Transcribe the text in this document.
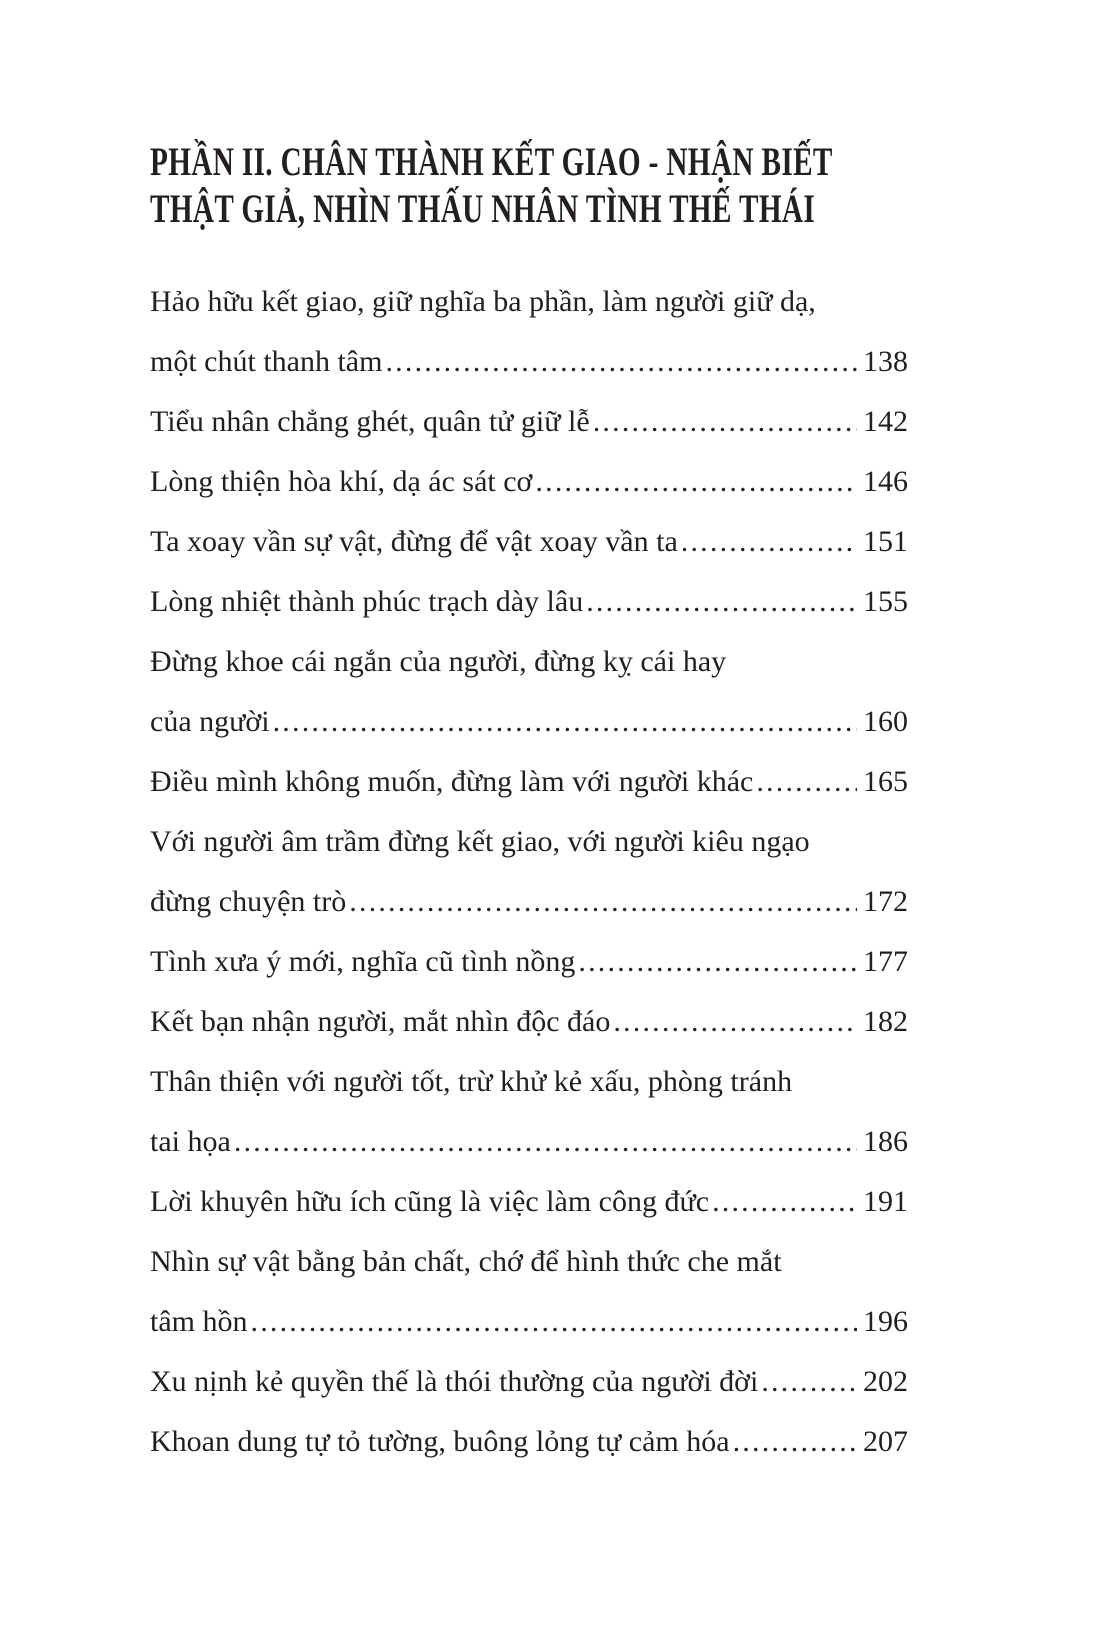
PHẦN II. CHÂN THÀNH KẾT GIAO - NHẬN BIẾT
THẬT GIẢ, NHÌN THẤU NHÂN TÌNH THẾ THÁI
Hảo hữu kết giao, giữ nghĩa ba phần, làm người giữ dạ,
một chút thanh tâm .....	138
Tiểu nhân chẳng ghét, quân tử giữ lễ .....	142
Lòng thiện hòa khí, dạ ác sát cơ .....	146
Ta xoay vần sự vật, đừng để vật xoay vần ta .....	151
Lòng nhiệt thành phúc trạch dày lâu .....	155
Đừng khoe cái ngắn của người, đừng kỵ cái hay
của người .....	160
Điều mình không muốn, đừng làm với người khác .....	165
Với người âm trầm đừng kết giao, với người kiêu ngạo
đừng chuyện trò .....	172
Tình xưa ý mới, nghĩa cũ tình nồng .....	177
Kết bạn nhận người, mắt nhìn độc đáo .....	182
Thân thiện với người tốt, trừ khử kẻ xấu, phòng tránh
tai họa .....	186
Lời khuyên hữu ích cũng là việc làm công đức .....	191
Nhìn sự vật bằng bản chất, chớ để hình thức che mắt
tâm hồn .....	196
Xu nịnh kẻ quyền thế là thói thường của người đời .....	202
Khoan dung tự tỏ tường, buông lỏng tự cảm hóa .....	207
